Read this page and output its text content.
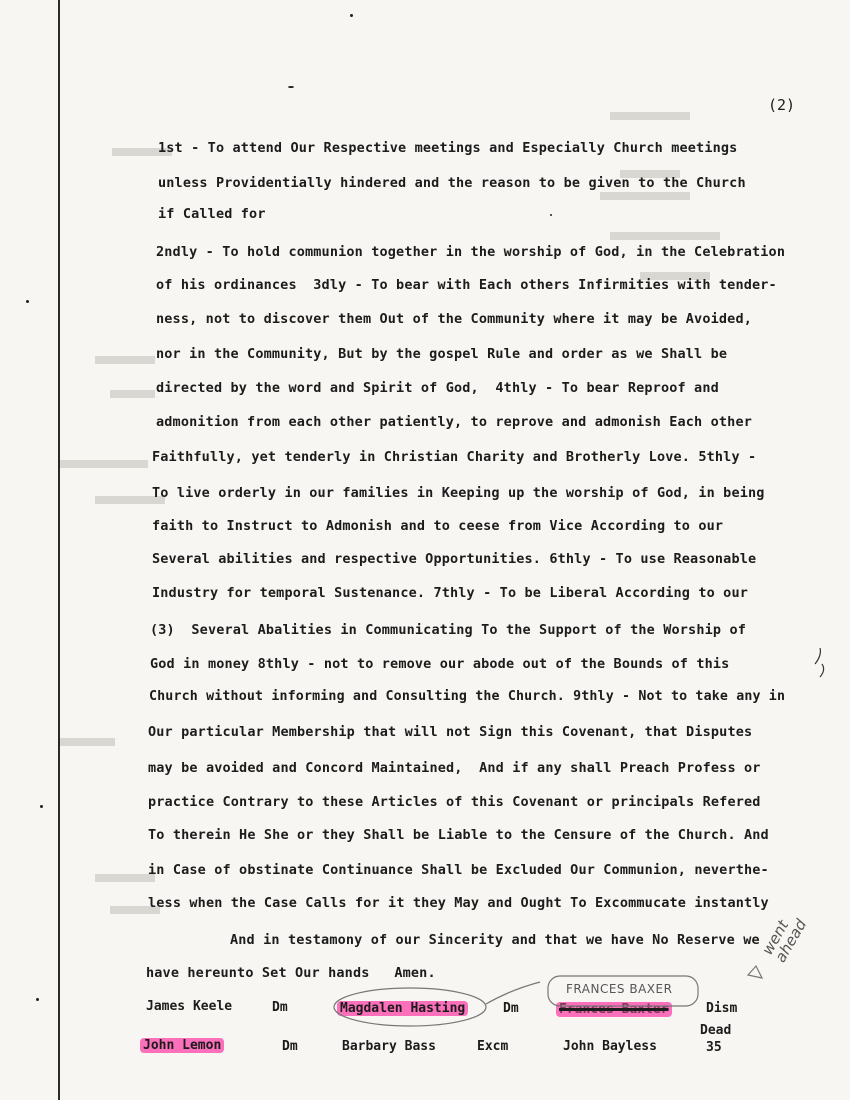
(2)
1st - To attend Our Respective meetings and Especially Church meetings
unless Providentially hindered and the reason to be given to the Church
if Called for
2ndly - To hold communion together in the worship of God, in the Celebration
of his ordinances  3dly - To bear with Each others Infirmities with tender-
ness, not to discover them Out of the Community where it may be Avoided,
nor in the Community, But by the gospel Rule and order as we Shall be
directed by the word and Spirit of God,  4thly - To bear Reproof and
admonition from each other patiently, to reprove and admonish Each other
Faithfully, yet tenderly in Christian Charity and Brotherly Love. 5thly -
To live orderly in our families in Keeping up the worship of God, in being
faith to Instruct to Admonish and to ceese from Vice According to our
Several abilities and respective Opportunities. 6thly - To use Reasonable
Industry for temporal Sustenance. 7thly - To be Liberal According to our
(3)  Several Abalities in Communicating To the Support of the Worship of
God in money 8thly - not to remove our abode out of the Bounds of this
Church without informing and Consulting the Church. 9thly - Not to take any in
Our particular Membership that will not Sign this Covenant, that Disputes
may be avoided and Concord Maintained,  And if any shall Preach Profess or
practice Contrary to these Articles of this Covenant or principals Refered
To therein He She or they Shall be Liable to the Censure of the Church. And
in Case of obstinate Continuance Shall be Excluded Our Communion, neverthe-
less when the Case Calls for it they May and Ought To Excommucate instantly
And in testamony of our Sincerity and that we have No Reserve we
have hereunto Set Our hands   Amen.
James Keele	Dm	Magdalen Hasting	Dm	Frances Baxter	Dism
John Lemon	Dm	Barbary Bass	Excm	John Bayless
Dead
35
FRANCES BAXER
went ahead
